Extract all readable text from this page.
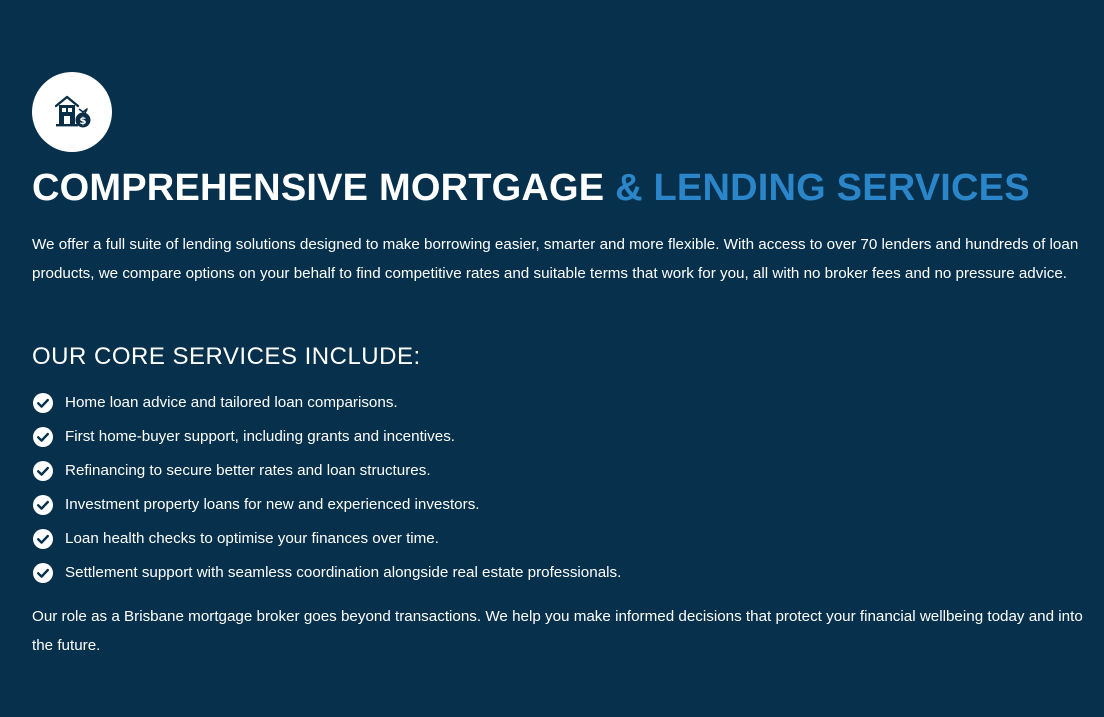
$
COMPREHENSIVE MORTGAGE & LENDING SERVICES

We offer a full suite of lending solutions designed to make borrowing easier, smarter and more flexible. With access to over 70 lenders and hundreds of loan products, we compare options on your behalf to find competitive rates and suitable terms that work for you, all with no broker fees and no pressure advice.

OUR CORE SERVICES INCLUDE:
Home loan advice and tailored loan comparisons.
First home-buyer support, including grants and incentives.
Refinancing to secure better rates and loan structures.
Investment property loans for new and experienced investors.
Loan health checks to optimise your finances over time.
Settlement support with seamless coordination alongside real estate professionals.

Our role as a Brisbane mortgage broker goes beyond transactions. We help you make informed decisions that protect your financial wellbeing today and into the future.
